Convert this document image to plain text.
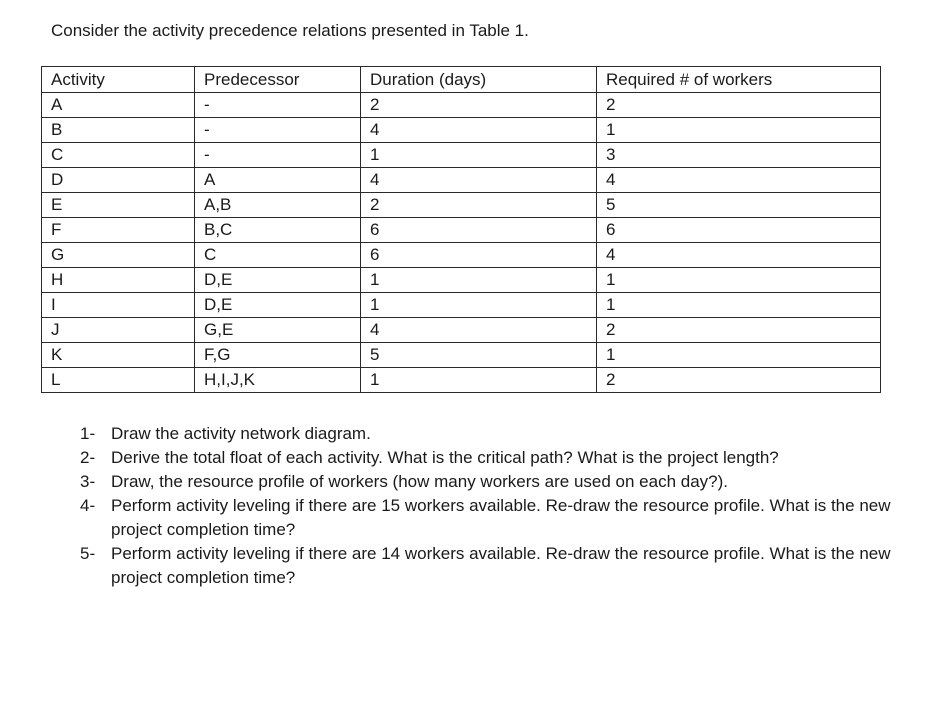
Consider the activity precedence relations presented in Table 1.
Activity	Predecessor	Duration (days)	Required # of workers
A	-	2	2
B	-	4	1
C	-	1	3
D	A	4	4
E	A,B	2	5
F	B,C	6	6
G	C	6	4
H	D,E	1	1
I	D,E	1	1
J	G,E	4	2
K	F,G	5	1
L	H,I,J,K	1	2
1- Draw the activity network diagram.
2- Derive the total float of each activity. What is the critical path? What is the project length?
3- Draw, the resource profile of workers (how many workers are used on each day?).
4- Perform activity leveling if there are 15 workers available. Re-draw the resource profile. What is the new project completion time?
5- Perform activity leveling if there are 14 workers available. Re-draw the resource profile. What is the new project completion time?
